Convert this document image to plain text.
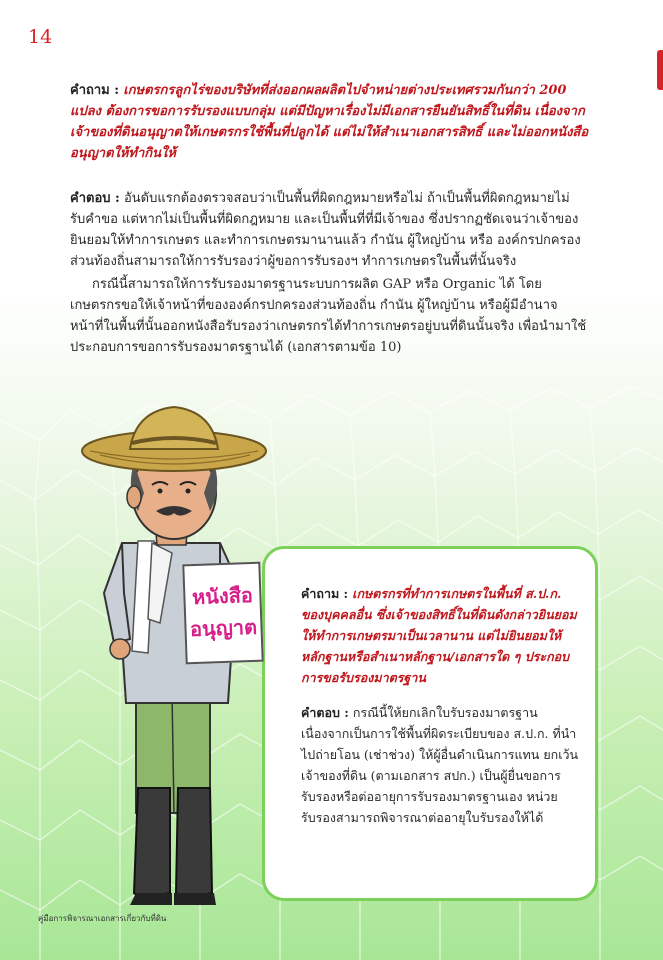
14
คำถาม : เกษตรกรลูกไร่ของบริษัทที่ส่งออกผลผลิตไปจำหน่ายต่างประเทศรวมกันกว่า 200 แปลง ต้องการขอการรับรองแบบกลุ่ม แต่มีปัญหาเรื่องไม่มีเอกสารยืนยันสิทธิ์ในที่ดิน เนื่องจากเจ้าของที่ดินอนุญาตให้เกษตรกรใช้พื้นที่ปลูกได้ แต่ไม่ให้สำเนาเอกสารสิทธิ์ และไม่ออกหนังสืออนุญาตให้ทำกินให้
คำตอบ : อันดับแรกต้องตรวจสอบว่าเป็นพื้นที่ผิดกฎหมายหรือไม่ ถ้าเป็นพื้นที่ผิดกฎหมายไม่รับคำขอ แต่หากไม่เป็นพื้นที่ผิดกฎหมาย และเป็นพื้นที่ที่มีเจ้าของ ซึ่งปรากฏชัดเจนว่าเจ้าของยินยอมให้ทำการเกษตร และทำการเกษตรมานานแล้ว กำนัน ผู้ใหญ่บ้าน หรือ องค์กรปกครองส่วนท้องถิ่นสามารถให้การรับรองว่าผู้ขอการรับรองฯ ทำการเกษตรในพื้นที่นั้นจริง
กรณีนี้สามารถให้การรับรองมาตรฐานระบบการผลิต GAP หรือ Organic ได้ โดยเกษตรกรขอให้เจ้าหน้าที่ขององค์กรปกครองส่วนท้องถิ่น กำนัน ผู้ใหญ่บ้าน หรือผู้มีอำนาจหน้าที่ในพื้นที่นั้นออกหนังสือรับรองว่าเกษตรกรได้ทำการเกษตรอยู่บนที่ดินนั้นจริง เพื่อนำมาใช้ประกอบการขอการรับรองมาตรฐานได้ (เอกสารตามข้อ 10)
คำถาม : เกษตรกรที่ทำการเกษตรในพื้นที่ ส.ป.ก. ของบุคคลอื่น ซึ่งเจ้าของสิทธิ์ในที่ดินดังกล่าวยินยอมให้ทำการเกษตรมาเป็นเวลานาน แต่ไม่ยินยอมให้หลักฐานหรือสำเนาหลักฐาน/เอกสารใด ๆ ประกอบการขอรับรองมาตรฐาน
คำตอบ : กรณีนี้ให้ยกเลิกใบรับรองมาตรฐาน เนื่องจากเป็นการใช้พื้นที่ผิดระเบียบของ ส.ป.ก. ที่นำไปถ่ายโอน (เช่าช่วง) ให้ผู้อื่นดำเนินการแทน ยกเว้นเจ้าของที่ดิน (ตามเอกสาร สปก.) เป็นผู้ยื่นขอการรับรองหรือต่ออายุการรับรองมาตรฐานเอง หน่วยรับรองสามารถพิจารณาต่ออายุใบรับรองให้ได้
หนังสือ
อนุญาต
คู่มือการพิจารณาเอกสารเกี่ยวกับที่ดิน
